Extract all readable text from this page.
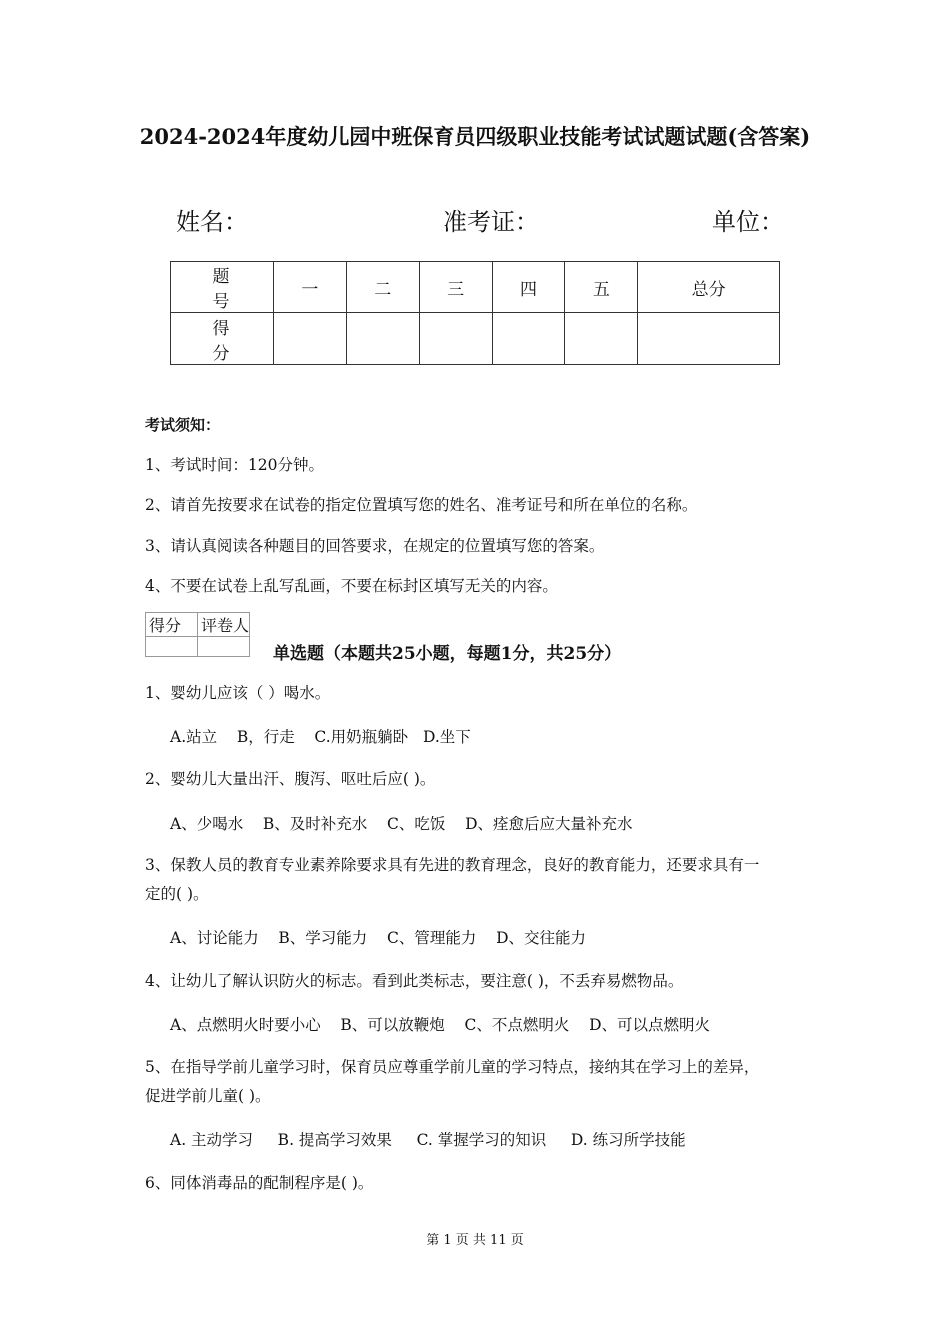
2024-2024年度幼儿园中班保育员四级职业技能考试试题试题(含答案)
姓名：	准考证：	单位：
题 号	一	二	三	四	五	总分
得 分						
考试须知：
1、考试时间：120分钟。
2、请首先按要求在试卷的指定位置填写您的姓名、准考证号和所在单位的名称。
3、请认真阅读各种题目的回答要求，在规定的位置填写您的答案。
4、不要在试卷上乱写乱画，不要在标封区填写无关的内容。
得分	评卷人

单选题（本题共25小题，每题1分，共25分）
1、婴幼儿应该（ ）喝水。
A.站立    B，行走    C.用奶瓶躺卧   D.坐下
2、婴幼儿大量出汗、腹泻、呕吐后应( )。
A、少喝水    B、及时补充水    C、吃饭    D、痊愈后应大量补充水
3、保教人员的教育专业素养除要求具有先进的教育理念，良好的教育能力，还要求具有一
定的( )。
A、讨论能力    B、学习能力    C、管理能力    D、交往能力
4、让幼儿了解认识防火的标志。看到此类标志，要注意( )，不丢弃易燃物品。
A、点燃明火时要小心    B、可以放鞭炮    C、不点燃明火    D、可以点燃明火
5、在指导学前儿童学习时，保育员应尊重学前儿童的学习特点，接纳其在学习上的差异，
促进学前儿童( )。
A. 主动学习     B. 提高学习效果     C. 掌握学习的知识     D. 练习所学技能
6、同体消毒品的配制程序是( )。
第 1 页 共 11 页
